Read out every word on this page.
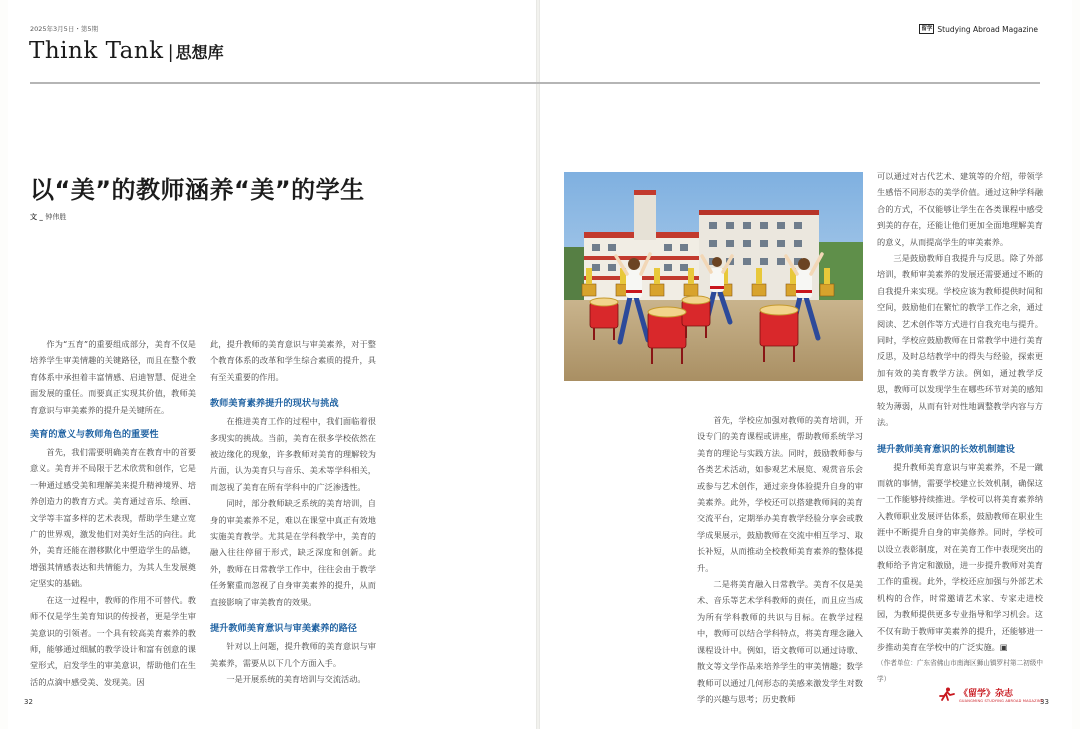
2025年3月5日・第5期
Think Tank | 思想库
留学 Studying Abroad Magazine
以“美”的教师涵养“美”的学生
文 _ 钟伟胜

作为“五育”的重要组成部分，美育不仅是培养学生审美情趣的关键路径，而且在整个教育体系中承担着丰富情感、启迪智慧、促进全面发展的重任。而要真正实现其价值，教师美育意识与审美素养的提升是关键所在。

美育的意义与教师角色的重要性

首先，我们需要明确美育在教育中的首要意义。美育并不局限于艺术欣赏和创作，它是一种通过感受美和理解美来提升精神境界、培养创造力的教育方式。美育通过音乐、绘画、文学等丰富多样的艺术表现，帮助学生建立宽广的世界观，激发他们对美好生活的向往。此外，美育还能在潜移默化中塑造学生的品德，增强其情感表达和共情能力，为其人生发展奠定坚实的基础。

在这一过程中，教师的作用不可替代。教师不仅是学生美育知识的传授者，更是学生审美意识的引领者。一个具有较高美育素养的教师，能够通过细腻的教学设计和富有创意的课堂形式，启发学生的审美意识，帮助他们在生活的点滴中感受美、发现美。因

此，提升教师的美育意识与审美素养，对于整个教育体系的改革和学生综合素质的提升，具有至关重要的作用。

教师美育素养提升的现状与挑战

在推进美育工作的过程中，我们面临着很多现实的挑战。当前，美育在很多学校依然在被边缘化的现象，许多教师对美育的理解较为片面，认为美育只与音乐、美术等学科相关，而忽视了美育在所有学科中的广泛渗透性。

同时，部分教师缺乏系统的美育培训，自身的审美素养不足，难以在课堂中真正有效地实施美育教学。尤其是在学科教学中，美育的融入往往停留于形式，缺乏深度和创新。此外，教师在日常教学工作中，往往会由于教学任务繁重而忽视了自身审美素养的提升，从而直接影响了审美教育的效果。

提升教师美育意识与审美素养的路径

针对以上问题，提升教师的美育意识与审美素养，需要从以下几个方面入手。

一是开展系统的美育培训与交流活动。

首先，学校应加强对教师的美育培训，开设专门的美育课程或讲座，帮助教师系统学习美育的理论与实践方法。同时，鼓励教师参与各类艺术活动，如参观艺术展览、观赏音乐会或参与艺术创作，通过亲身体验提升自身的审美素养。此外，学校还可以搭建教师间的美育交流平台，定期举办美育教学经验分享会或教学成果展示，鼓励教师在交流中相互学习、取长补短，从而推动全校教师美育素养的整体提升。

二是将美育融入日常教学。美育不仅是美术、音乐等艺术学科教师的责任，而且应当成为所有学科教师的共识与目标。在教学过程中，教师可以结合学科特点，将美育理念融入课程设计中。例如，语文教师可以通过诗歌、散文等文学作品来培养学生的审美情趣；数学教师可以通过几何形态的美感来激发学生对数学的兴趣与思考；历史教师

可以通过对古代艺术、建筑等的介绍，带领学生感悟不同形态的美学价值。通过这种学科融合的方式，不仅能够让学生在各类课程中感受到美的存在，还能让他们更加全面地理解美育的意义，从而提高学生的审美素养。

三是鼓励教师自我提升与反思。除了外部培训，教师审美素养的发展还需要通过不断的自我提升来实现。学校应该为教师提供时间和空间，鼓励他们在繁忙的教学工作之余，通过阅读、艺术创作等方式进行自我充电与提升。同时，学校应鼓励教师在日常教学中进行美育反思，及时总结教学中的得失与经验，探索更加有效的美育教学方法。例如，通过教学反思，教师可以发现学生在哪些环节对美的感知较为薄弱，从而有针对性地调整教学内容与方法。

提升教师美育意识的长效机制建设

提升教师美育意识与审美素养，不是一蹴而就的事情，需要学校建立长效机制，确保这一工作能够持续推进。学校可以将美育素养纳入教师职业发展评估体系，鼓励教师在职业生涯中不断提升自身的审美修养。同时，学校可以设立表彰制度，对在美育工作中表现突出的教师给予肯定和激励，进一步提升教师对美育工作的重视。此外，学校还应加强与外部艺术机构的合作，时常邀请艺术家、专家走进校园，为教师提供更多专业指导和学习机会。这不仅有助于教师审美素养的提升，还能够进一步推动美育在学校中的广泛实施。▣

（作者单位：广东省佛山市南海区狮山镇罗村第二初级中学）

32	33
《留学》杂志
GUANGMING STUDYING ABROAD MAGAZINE
